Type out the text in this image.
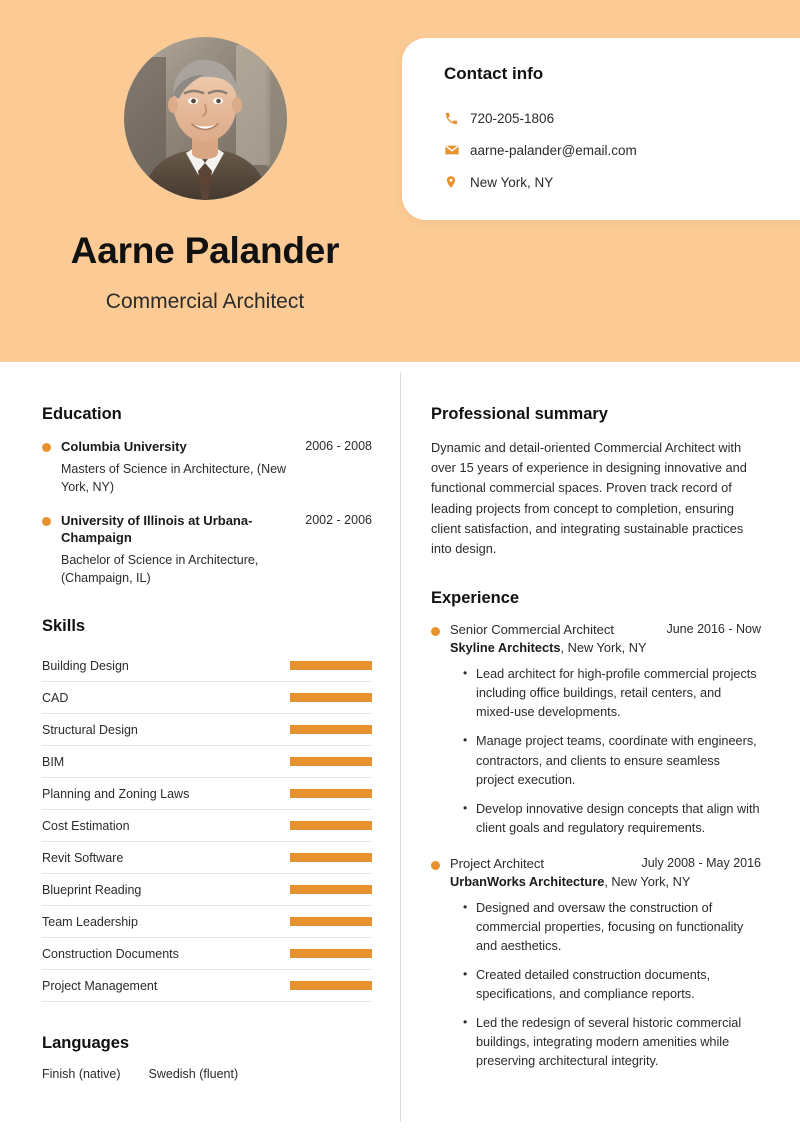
Aarne Palander
Commercial Architect
Contact info
720-205-1806
aarne-palander@email.com
New York, NY
Education
Columbia University	2006 - 2008
Masters of Science in Architecture, (New York, NY)
University of Illinois at Urbana-Champaign
2002 - 2006
Bachelor of Science in Architecture, (Champaign, IL)
Skills
Building Design
CAD
Structural Design
BIM
Planning and Zoning Laws
Cost Estimation
Revit Software
Blueprint Reading
Team Leadership
Construction Documents
Project Management
Languages
Finish (native) Swedish (fluent)
Professional summary
Dynamic and detail-oriented Commercial Architect with over 15 years of experience in designing innovative and functional commercial spaces. Proven track record of leading projects from concept to completion, ensuring client satisfaction, and integrating sustainable practices into design.
Experience
Senior Commercial Architect	June 2016 - Now
Skyline Architects, New York, NY
• Lead architect for high-profile commercial projects including office buildings, retail centers, and mixed-use developments.
• Manage project teams, coordinate with engineers, contractors, and clients to ensure seamless project execution.
• Develop innovative design concepts that align with client goals and regulatory requirements.
Project Architect	July 2008 - May 2016
UrbanWorks Architecture, New York, NY
• Designed and oversaw the construction of commercial properties, focusing on functionality and aesthetics.
• Created detailed construction documents, specifications, and compliance reports.
• Led the redesign of several historic commercial buildings, integrating modern amenities while preserving architectural integrity.
